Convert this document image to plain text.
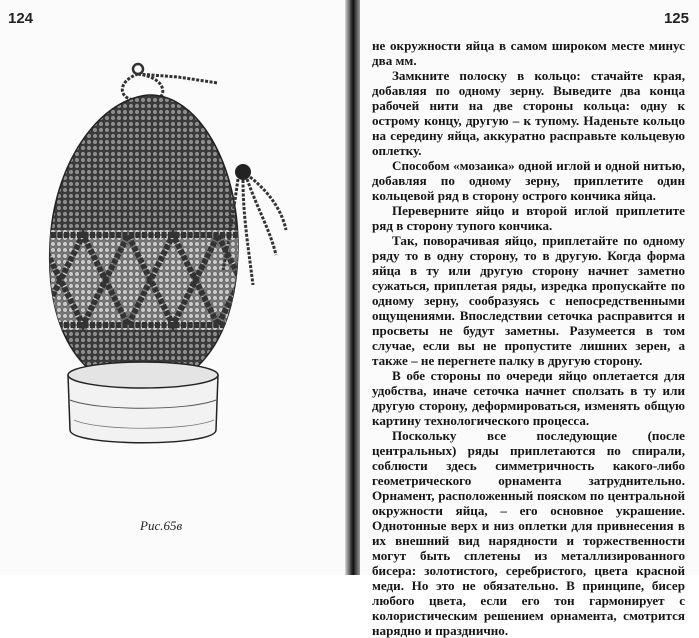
124	125
Рис.65в

не окружности яйца в самом широком месте минус два мм.

Замкните полоску в кольцо: стачайте края, добавляя по одному зерну. Выведите два конца рабочей нити на две стороны кольца: одну к острому концу, другую – к тупому. Наденьте кольцо на середину яйца, аккуратно расправьте кольцевую оплетку.

Способом «мозаика» одной иглой и одной нитью, добавляя по одному зерну, приплетите один кольцевой ряд в сторону острого кончика яйца.

Переверните яйцо и второй иглой приплетите ряд в сторону тупого кончика.

Так, поворачивая яйцо, приплетайте по одному ряду то в одну сторону, то в другую. Когда форма яйца в ту или другую сторону начнет заметно сужаться, приплетая ряды, изредка пропускайте по одному зерну, сообразуясь с непосредственными ощущениями. Впоследствии сеточка расправится и просветы не будут заметны. Разумеется в том случае, если вы не пропустите лишних зерен, а также – не перегнете палку в другую сторону.

В обе стороны по очереди яйцо оплетается для удобства, иначе сеточка начнет сползать в ту или другую сторону, деформироваться, изменять общую картину технологического процесса.

Поскольку все последующие (после центральных) ряды приплетаются по спирали, соблюсти здесь симметричность какого-либо геометрического орнамента затруднительно. Орнамент, расположенный пояском по центральной окружности яйца, – его основное украшение. Однотонные верх и низ оплетки для привнесения в их внешний вид нарядности и торжественности могут быть сплетены из металлизированного бисера: золотистого, серебристого, цвета красной меди. Но это не обязательно. В принципе, бисер любого цвета, если его тон гармонирует с колористическим решением орнамента, смотрится нарядно и празднично.
